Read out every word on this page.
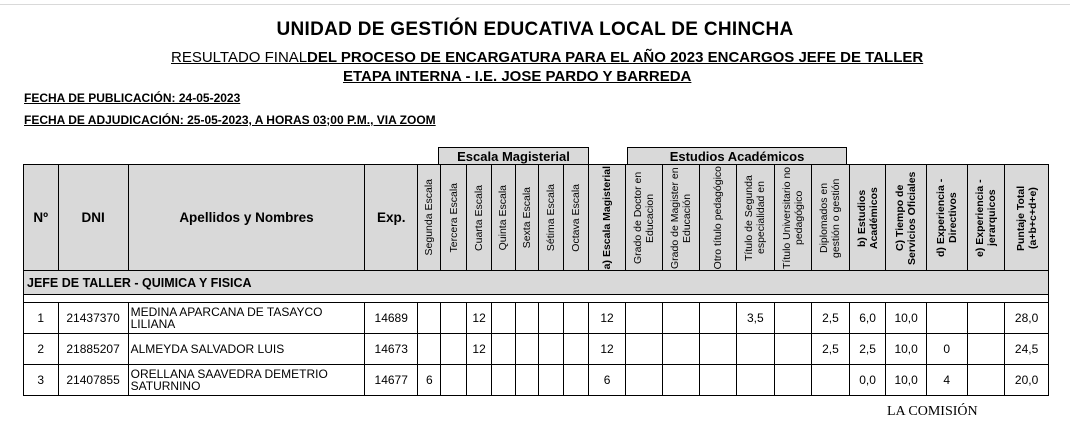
UNIDAD DE GESTIÓN EDUCATIVA LOCAL DE CHINCHA
RESULTADO FINAL DEL PROCESO DE ENCARGATURA PARA EL AÑO 2023 ENCARGOS JEFE DE TALLER
ETAPA INTERNA - I.E. JOSE PARDO Y BARREDA
FECHA DE PUBLICACIÓN: 24-05-2023
FECHA DE ADJUDICACIÓN: 25-05-2023, A HORAS 03;00 P.M., VIA ZOOM
Escala Magisterial	Estudios Académicos
Nº	DNI	Apellidos y Nombres	Exp.	Segunda Escala	Tercera Escala	Cuarta Escala	Quinta Escala	Sexta Escala	Sétima Escala	Octava Escala	a) Escala Magisterial	Grado de Doctor en Educacion	Grado de Magister en Educación	Otro título pedagógico	Título de Segunda especialidad en	Título Universitario no pedagógico	Diplomados en gestión o gestión	b) Estudios Académicos	C) Tiempo de Servicios Oficiales	d) Experiencia - Directivos	e) Experiencia - jerarquicos	Puntaje Total (a+b+c+d+e)

JEFE DE TALLER - QUIMICA Y FISICA																						

1	21437370	MEDINA APARCANA DE TASAYCO LILIANA	14689			12					12				3,5		2,5	6,0	10,0			28,0
2	21885207	ALMEYDA SALVADOR LUIS	14673			12					12						2,5	2,5	10,0	0		24,5
3	21407855	ORELLANA SAAVEDRA DEMETRIO SATURNINO	14677	6							6							0,0	10,0	4		20,0
LA COMISIÓN
